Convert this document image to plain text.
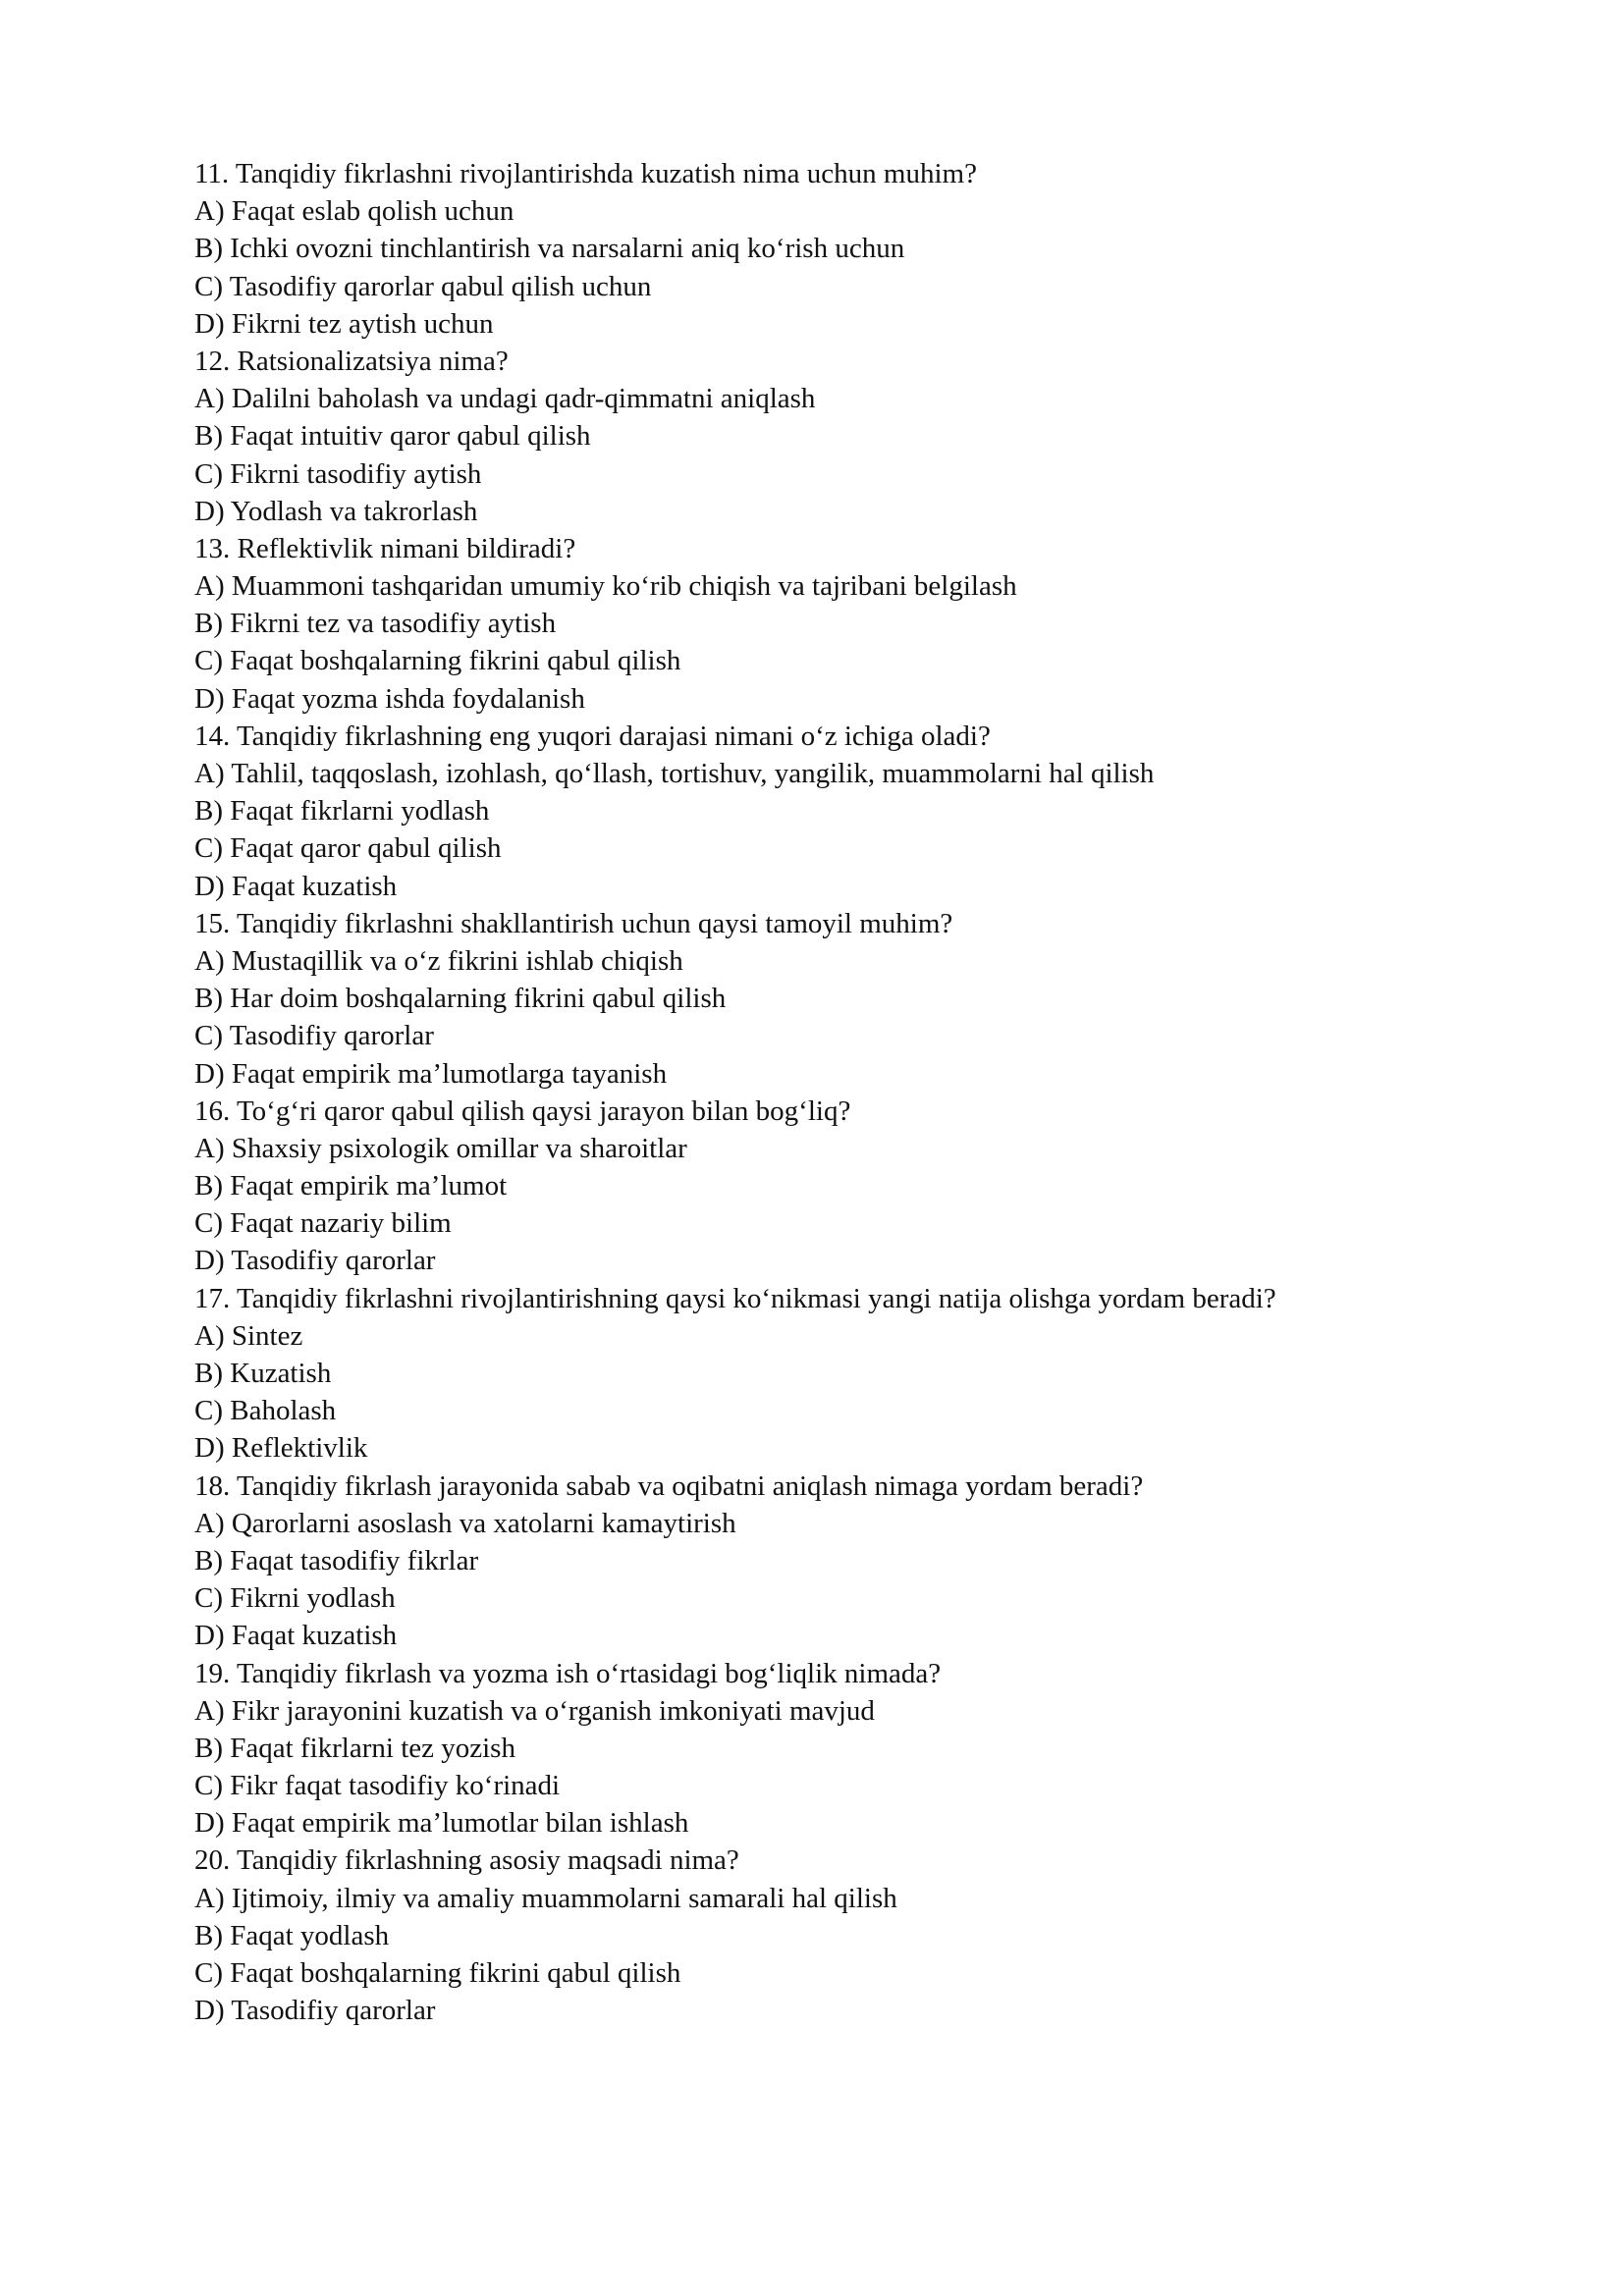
11. Tanqidiy fikrlashni rivojlantirishda kuzatish nima uchun muhim?
A) Faqat eslab qolish uchun
B) Ichki ovozni tinchlantirish va narsalarni aniq ko‘rish uchun
C) Tasodifiy qarorlar qabul qilish uchun
D) Fikrni tez aytish uchun
12. Ratsionalizatsiya nima?
A) Dalilni baholash va undagi qadr-qimmatni aniqlash
B) Faqat intuitiv qaror qabul qilish
C) Fikrni tasodifiy aytish
D) Yodlash va takrorlash
13. Reflektivlik nimani bildiradi?
A) Muammoni tashqaridan umumiy ko‘rib chiqish va tajribani belgilash
B) Fikrni tez va tasodifiy aytish
C) Faqat boshqalarning fikrini qabul qilish
D) Faqat yozma ishda foydalanish
14. Tanqidiy fikrlashning eng yuqori darajasi nimani o‘z ichiga oladi?
A) Tahlil, taqqoslash, izohlash, qo‘llash, tortishuv, yangilik, muammolarni hal qilish
B) Faqat fikrlarni yodlash
C) Faqat qaror qabul qilish
D) Faqat kuzatish
15. Tanqidiy fikrlashni shakllantirish uchun qaysi tamoyil muhim?
A) Mustaqillik va o‘z fikrini ishlab chiqish
B) Har doim boshqalarning fikrini qabul qilish
C) Tasodifiy qarorlar
D) Faqat empirik ma’lumotlarga tayanish
16. To‘g‘ri qaror qabul qilish qaysi jarayon bilan bog‘liq?
A) Shaxsiy psixologik omillar va sharoitlar
B) Faqat empirik ma’lumot
C) Faqat nazariy bilim
D) Tasodifiy qarorlar
17. Tanqidiy fikrlashni rivojlantirishning qaysi ko‘nikmasi yangi natija olishga yordam beradi?
A) Sintez
B) Kuzatish
C) Baholash
D) Reflektivlik
18. Tanqidiy fikrlash jarayonida sabab va oqibatni aniqlash nimaga yordam beradi?
A) Qarorlarni asoslash va xatolarni kamaytirish
B) Faqat tasodifiy fikrlar
C) Fikrni yodlash
D) Faqat kuzatish
19. Tanqidiy fikrlash va yozma ish o‘rtasidagi bog‘liqlik nimada?
A) Fikr jarayonini kuzatish va o‘rganish imkoniyati mavjud
B) Faqat fikrlarni tez yozish
C) Fikr faqat tasodifiy ko‘rinadi
D) Faqat empirik ma’lumotlar bilan ishlash
20. Tanqidiy fikrlashning asosiy maqsadi nima?
A) Ijtimoiy, ilmiy va amaliy muammolarni samarali hal qilish
B) Faqat yodlash
C) Faqat boshqalarning fikrini qabul qilish
D) Tasodifiy qarorlar
